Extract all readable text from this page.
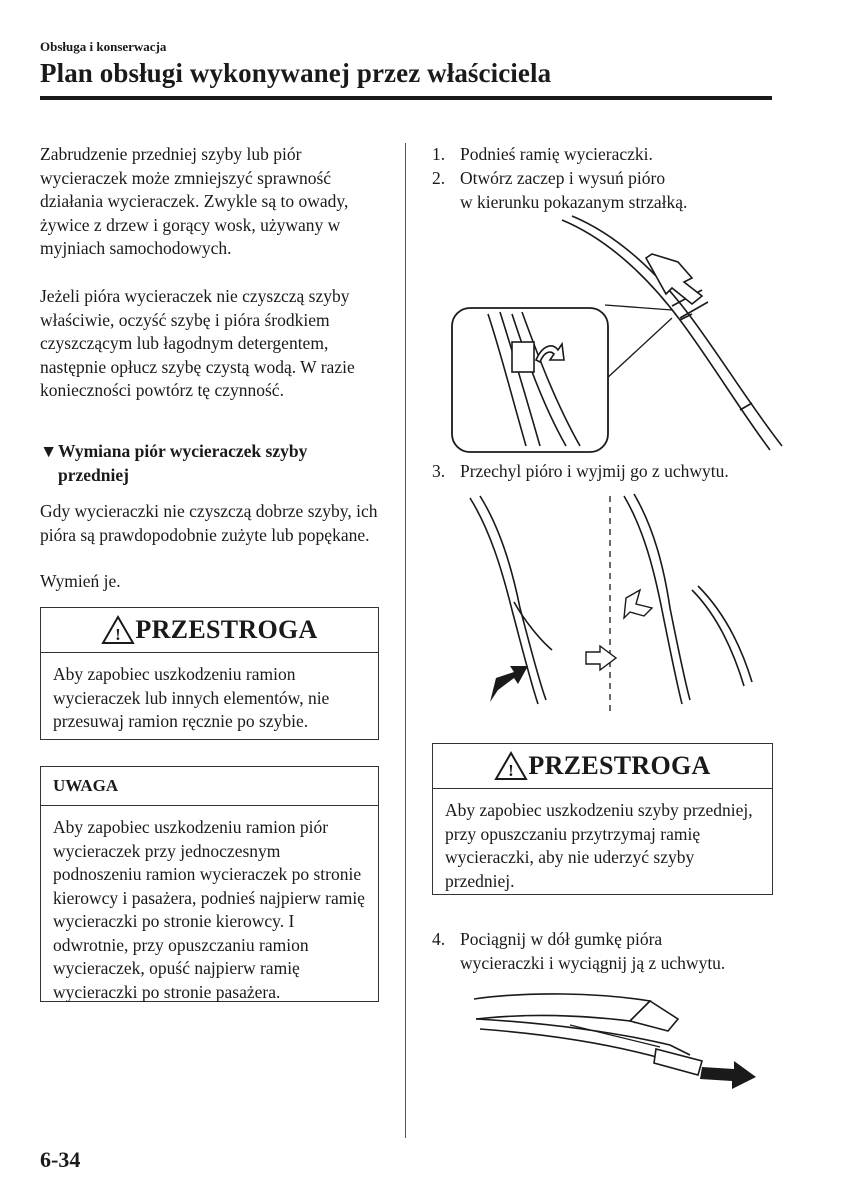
Obsługa i konserwacja
Plan obsługi wykonywanej przez właściciela

Zabrudzenie przedniej szyby lub piór wycieraczek może zmniejszyć sprawność działania wycieraczek. Zwykle są to owady, żywice z drzew i gorący wosk, używany w myjniach samochodowych.

Jeżeli pióra wycieraczek nie czyszczą szyby właściwie, oczyść szybę i pióra środkiem czyszczącym lub łagodnym detergentem, następnie opłucz szybę czystą wodą. W razie konieczności powtórz tę czynność.

▼Wymiana piór wycieraczek szyby przedniej

Gdy wycieraczki nie czyszczą dobrze szyby, ich pióra są prawdopodobnie zużyte lub popękane.

Wymień je.

! PRZESTROGA
Aby zapobiec uszkodzeniu ramion wycieraczek lub innych elementów, nie przesuwaj ramion ręcznie po szybie.
UWAGA
Aby zapobiec uszkodzeniu ramion piór wycieraczek przy jednoczesnym podnoszeniu ramion wycieraczek po stronie kierowcy i pasażera, podnieś najpierw ramię wycieraczki po stronie kierowcy. I odwrotnie, przy opuszczaniu ramion wycieraczek, opuść najpierw ramię wycieraczki po stronie pasażera.
1. Podnieś ramię wycieraczki.
2. Otwórz zaczep i wysuń pióro
w kierunku pokazanym strzałką.
3. Przechyl pióro i wyjmij go z uchwytu.
! PRZESTROGA
Aby zapobiec uszkodzeniu szyby przedniej, przy opuszczaniu przytrzymaj ramię wycieraczki, aby nie uderzyć szyby przedniej.
4. Pociągnij w dół gumkę pióra
wycieraczki i wyciągnij ją z uchwytu.
6-34
